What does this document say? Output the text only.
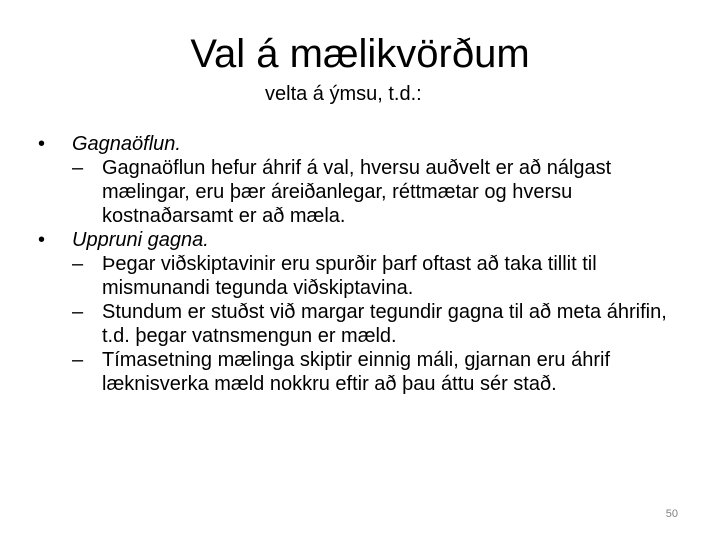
Val á mælikvörðum
velta á ýmsu, t.d.:
• Gagnaöflun.
– Gagnaöflun hefur áhrif á val, hversu auðvelt er að nálgast mælingar, eru þær áreiðanlegar, réttmætar og hversu kostnaðarsamt er að mæla.
• Uppruni gagna.
– Þegar viðskiptavinir eru spurðir þarf oftast að taka tillit til mismunandi tegunda viðskiptavina.
– Stundum er stuðst við margar tegundir gagna til að meta áhrifin, t.d. þegar vatnsmengun er mæld.
– Tímasetning mælinga skiptir einnig máli, gjarnan eru áhrif læknisverka mæld nokkru eftir að þau áttu sér stað.
50
